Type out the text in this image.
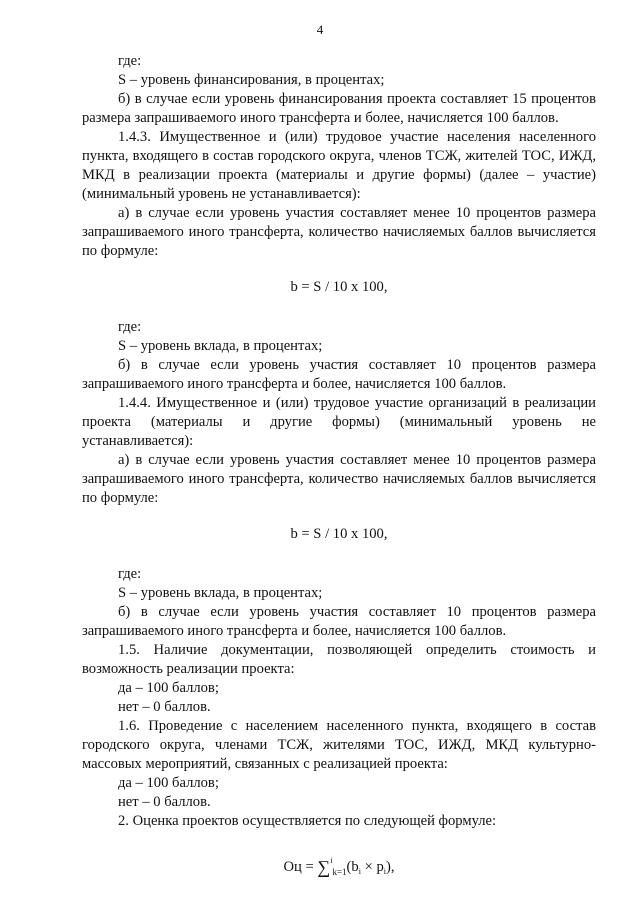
4

где:

S – уровень финансирования, в процентах;

б) в случае если уровень финансирования проекта составляет 15 процентов размера запрашиваемого иного трансферта и более, начисляется 100 баллов.

1.4.3. Имущественное и (или) трудовое участие населения населенного пункта, входящего в состав городского округа, членов ТСЖ, жителей ТОС, ИЖД, МКД в реализации проекта (материалы и другие формы) (далее – участие) (минимальный уровень не устанавливается):

а) в случае если уровень участия составляет менее 10 процентов размера запрашиваемого иного трансферта, количество начисляемых баллов вычисляется по формуле:

b = S / 10 x 100,

где:

S – уровень вклада, в процентах;

б) в случае если уровень участия составляет 10 процентов размера запрашиваемого иного трансферта и более, начисляется 100 баллов.

1.4.4. Имущественное и (или) трудовое участие организаций в реализации проекта (материалы и другие формы) (минимальный уровень не устанавливается):

а) в случае если уровень участия составляет менее 10 процентов размера запрашиваемого иного трансферта, количество начисляемых баллов вычисляется по формуле:

b = S / 10 x 100,

где:

S – уровень вклада, в процентах;

б) в случае если уровень участия составляет 10 процентов размера запрашиваемого иного трансферта и более, начисляется 100 баллов.

1.5. Наличие документации, позволяющей определить стоимость и возможность реализации проекта:

да – 100 баллов;

нет – 0 баллов.

1.6. Проведение с населением населенного пункта, входящего в состав городского округа, членами ТСЖ, жителями ТОС, ИЖД, МКД культурно-массовых мероприятий, связанных с реализацией проекта:

да – 100 баллов;

нет – 0 баллов.

2. Оценка проектов осуществляется по следующей формуле:

Оц = $\sum^i_{k=1}(b_i \times p_i)$,
